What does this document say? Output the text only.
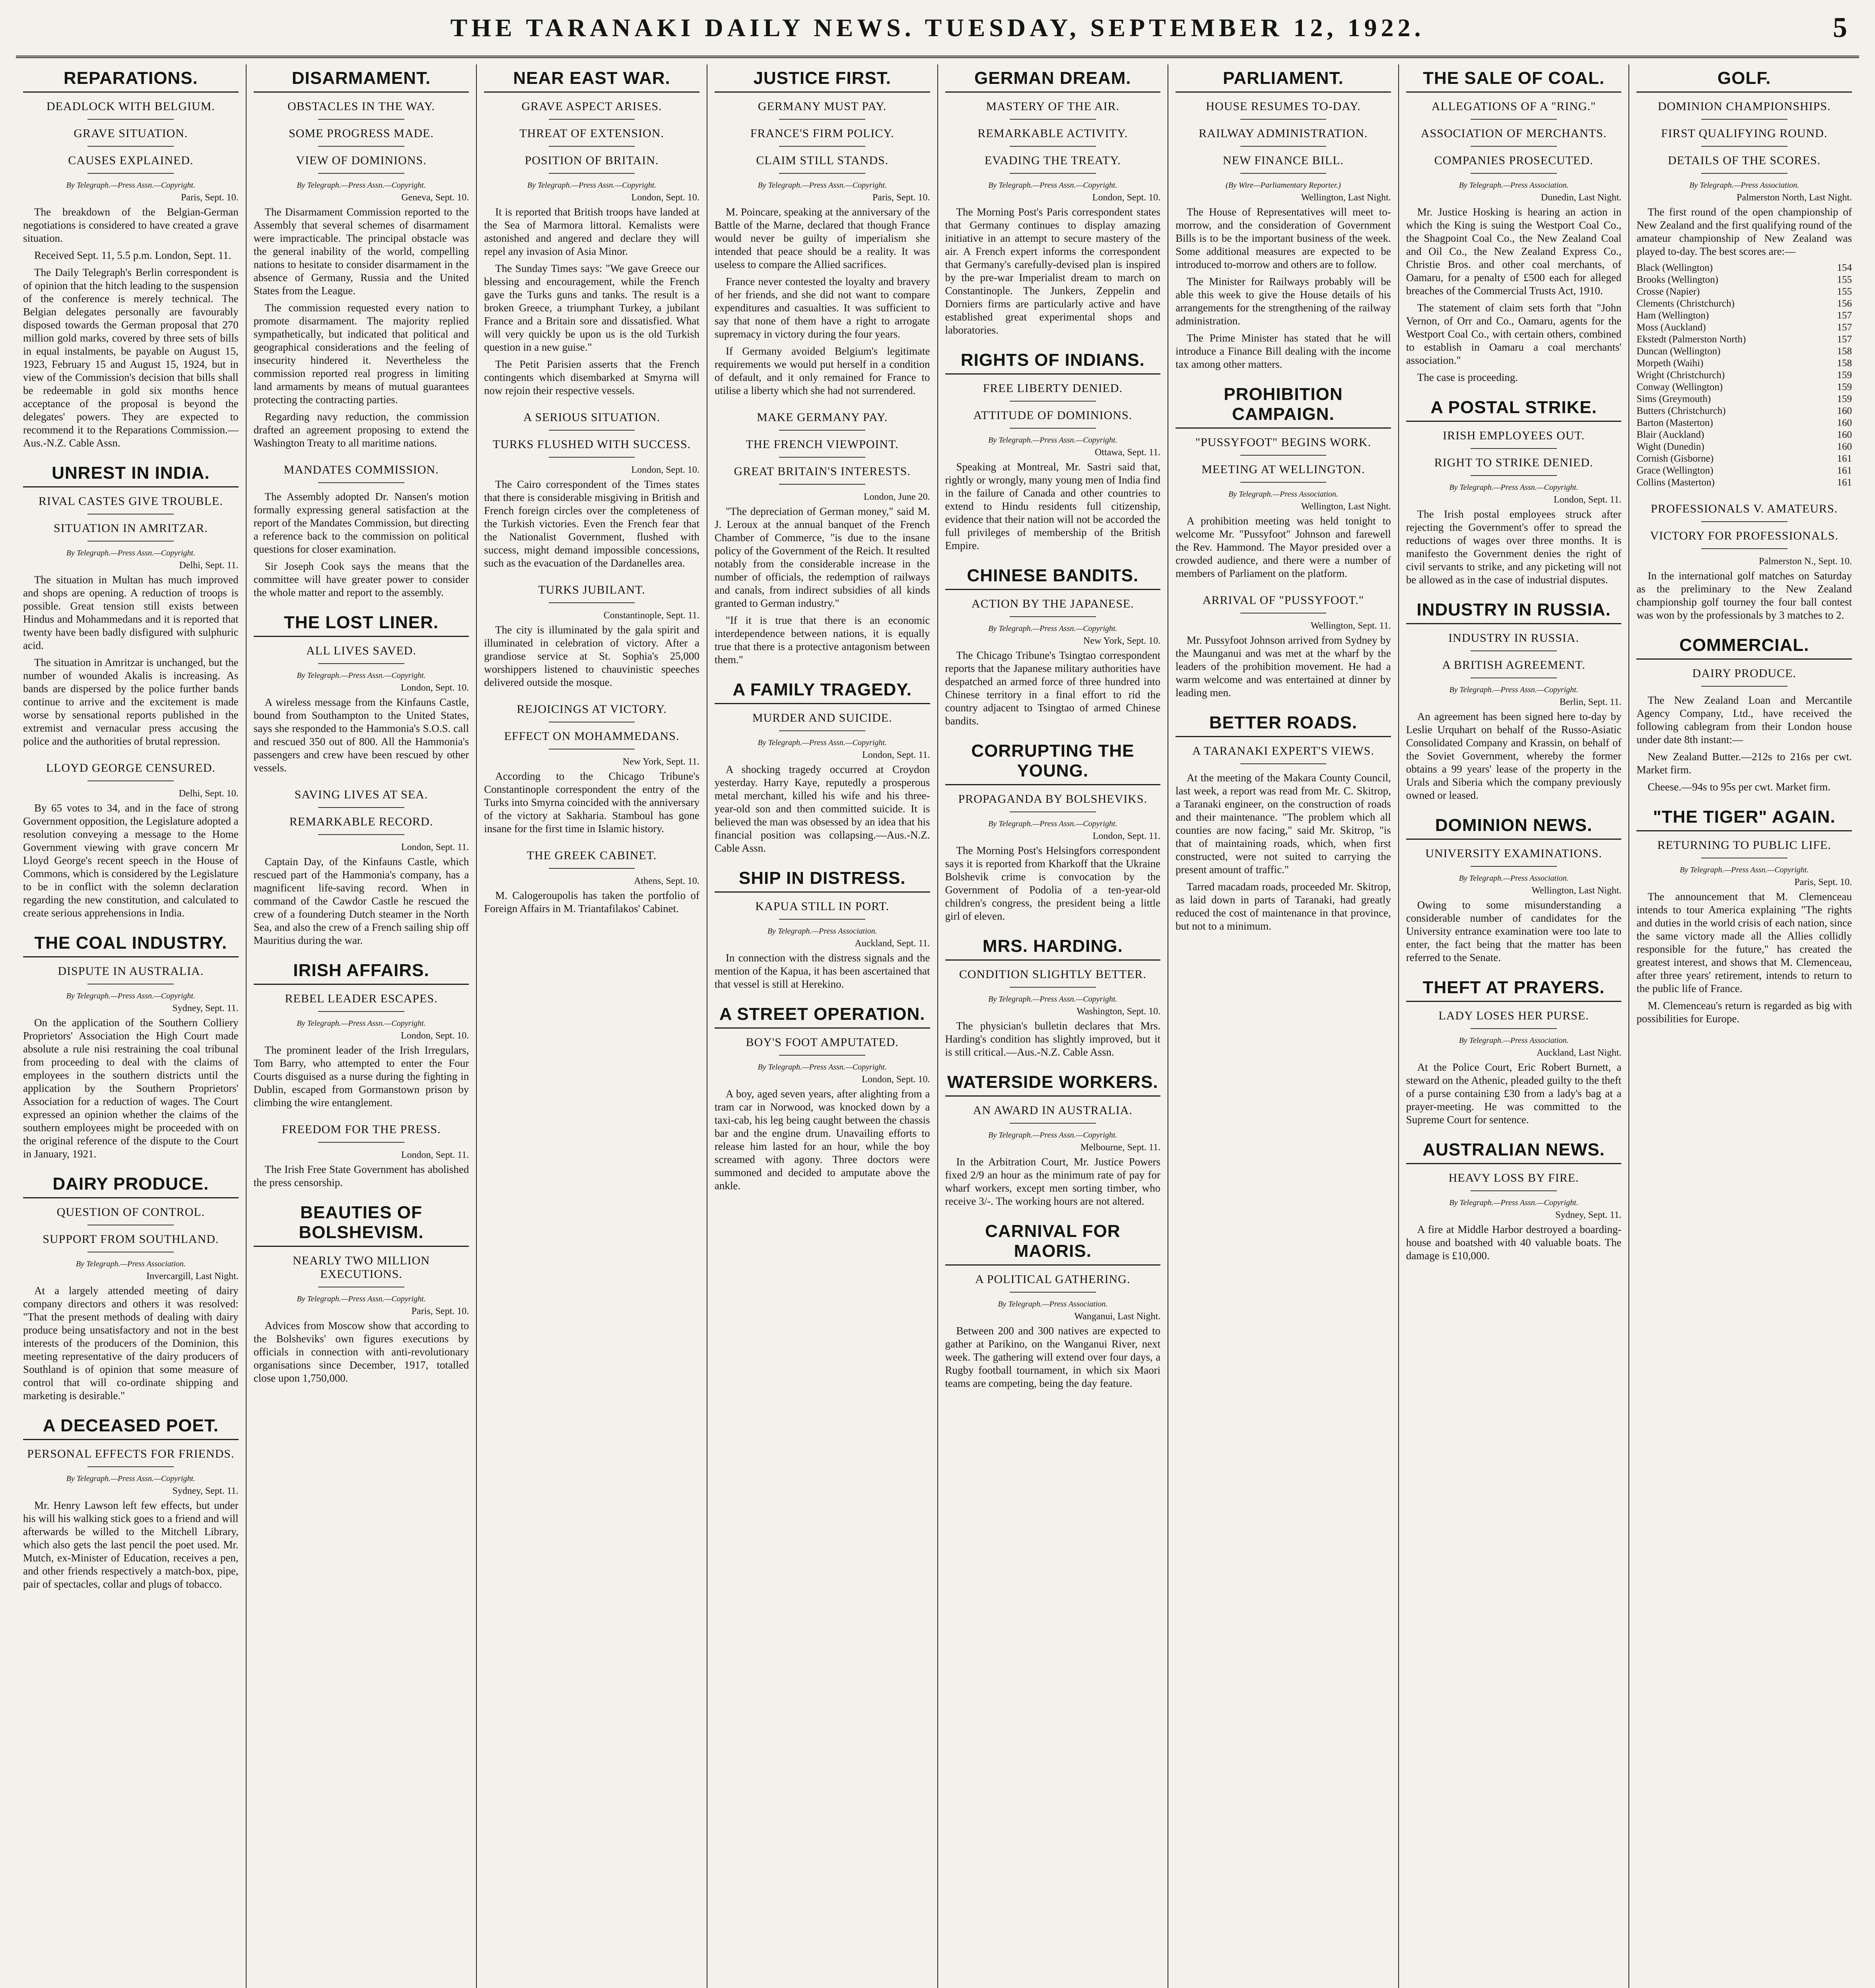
THE TARANAKI DAILY NEWS. TUESDAY, SEPTEMBER 12, 1922.	5
REPARATIONS.
DEADLOCK WITH BELGIUM.
GRAVE SITUATION.
CAUSES EXPLAINED.
By Telegraph.—Press Assn.—Copyright.
Paris, Sept. 10.

The breakdown of the Belgian-German negotiations is considered to have created a grave situation.

Received Sept. 11, 5.5 p.m. London, Sept. 11.

The Daily Telegraph's Berlin correspondent is of opinion that the hitch leading to the suspension of the conference is merely technical. The Belgian delegates personally are favourably disposed towards the German proposal that 270 million gold marks, covered by three sets of bills in equal instalments, be payable on August 15, 1923, February 15 and August 15, 1924, but in view of the Commission's decision that bills shall be redeemable in gold six months hence acceptance of the proposal is beyond the delegates' powers. They are expected to recommend it to the Reparations Commission.—Aus.-N.Z. Cable Assn.

UNREST IN INDIA.
RIVAL CASTES GIVE TROUBLE.
SITUATION IN AMRITZAR.
By Telegraph.—Press Assn.—Copyright.
Delhi, Sept. 11.

The situation in Multan has much improved and shops are opening. A reduction of troops is possible. Great tension still exists between Hindus and Mohammedans and it is reported that twenty have been badly disfigured with sulphuric acid.

The situation in Amritzar is unchanged, but the number of wounded Akalis is increasing. As bands are dispersed by the police further bands continue to arrive and the excitement is made worse by sensational reports published in the extremist and vernacular press accusing the police and the authorities of brutal repression.

LLOYD GEORGE CENSURED.
Delhi, Sept. 10.

By 65 votes to 34, and in the face of strong Government opposition, the Legislature adopted a resolution conveying a message to the Home Government viewing with grave concern Mr Lloyd George's recent speech in the House of Commons, which is considered by the Legislature to be in conflict with the solemn declaration regarding the new constitution, and calculated to create serious apprehensions in India.

THE COAL INDUSTRY.
DISPUTE IN AUSTRALIA.
By Telegraph.—Press Assn.—Copyright.
Sydney, Sept. 11.

On the application of the Southern Colliery Proprietors' Association the High Court made absolute a rule nisi restraining the coal tribunal from proceeding to deal with the claims of employees in the southern districts until the application by the Southern Proprietors' Association for a reduction of wages. The Court expressed an opinion whether the claims of the southern employees might be proceeded with on the original reference of the dispute to the Court in January, 1921.

DAIRY PRODUCE.
QUESTION OF CONTROL.
SUPPORT FROM SOUTHLAND.
By Telegraph.—Press Association.
Invercargill, Last Night.

At a largely attended meeting of dairy company directors and others it was resolved: "That the present methods of dealing with dairy produce being unsatisfactory and not in the best interests of the producers of the Dominion, this meeting representative of the dairy producers of Southland is of opinion that some measure of control that will co-ordinate shipping and marketing is desirable."

A DECEASED POET.
PERSONAL EFFECTS FOR FRIENDS.
By Telegraph.—Press Assn.—Copyright.
Sydney, Sept. 11.

Mr. Henry Lawson left few effects, but under his will his walking stick goes to a friend and will afterwards be willed to the Mitchell Library, which also gets the last pencil the poet used. Mr. Mutch, ex-Minister of Education, receives a pen, and other friends respectively a match-box, pipe, pair of spectacles, collar and plugs of tobacco.

DISARMAMENT.
OBSTACLES IN THE WAY.
SOME PROGRESS MADE.
VIEW OF DOMINIONS.
By Telegraph.—Press Assn.—Copyright.
Geneva, Sept. 10.

The Disarmament Commission reported to the Assembly that several schemes of disarmament were impracticable. The principal obstacle was the general inability of the world, compelling nations to hesitate to consider disarmament in the absence of Germany, Russia and the United States from the League.

The commission requested every nation to promote disarmament. The majority replied sympathetically, but indicated that political and geographical considerations and the feeling of insecurity hindered it. Nevertheless the commission reported real progress in limiting land armaments by means of mutual guarantees protecting the contracting parties.

Regarding navy reduction, the commission drafted an agreement proposing to extend the Washington Treaty to all maritime nations.

MANDATES COMMISSION.

The Assembly adopted Dr. Nansen's motion formally expressing general satisfaction at the report of the Mandates Commission, but directing a reference back to the commission on political questions for closer examination.

Sir Joseph Cook says the means that the committee will have greater power to consider the whole matter and report to the assembly.

THE LOST LINER.
ALL LIVES SAVED.
By Telegraph.—Press Assn.—Copyright.
London, Sept. 10.

A wireless message from the Kinfauns Castle, bound from Southampton to the United States, says she responded to the Hammonia's S.O.S. call and rescued 350 out of 800. All the Hammonia's passengers and crew have been rescued by other vessels.

SAVING LIVES AT SEA.
REMARKABLE RECORD.
London, Sept. 11.

Captain Day, of the Kinfauns Castle, which rescued part of the Hammonia's company, has a magnificent life-saving record. When in command of the Cawdor Castle he rescued the crew of a foundering Dutch steamer in the North Sea, and also the crew of a French sailing ship off Mauritius during the war.

IRISH AFFAIRS.
REBEL LEADER ESCAPES.
By Telegraph.—Press Assn.—Copyright.
London, Sept. 10.

The prominent leader of the Irish Irregulars, Tom Barry, who attempted to enter the Four Courts disguised as a nurse during the fighting in Dublin, escaped from Gormanstown prison by climbing the wire entanglement.

FREEDOM FOR THE PRESS.
London, Sept. 11.

The Irish Free State Government has abolished the press censorship.

BEAUTIES OF BOLSHEVISM.
NEARLY TWO MILLION EXECUTIONS.
By Telegraph.—Press Assn.—Copyright.
Paris, Sept. 10.

Advices from Moscow show that according to the Bolsheviks' own figures executions by officials in connection with anti-revolutionary organisations since December, 1917, totalled close upon 1,750,000.

NEAR EAST WAR.
GRAVE ASPECT ARISES.
THREAT OF EXTENSION.
POSITION OF BRITAIN.
By Telegraph.—Press Assn.—Copyright.
London, Sept. 10.

It is reported that British troops have landed at the Sea of Marmora littoral. Kemalists were astonished and angered and declare they will repel any invasion of Asia Minor.

The Sunday Times says: "We gave Greece our blessing and encouragement, while the French gave the Turks guns and tanks. The result is a broken Greece, a triumphant Turkey, a jubilant France and a Britain sore and dissatisfied. What will very quickly be upon us is the old Turkish question in a new guise."

The Petit Parisien asserts that the French contingents which disembarked at Smyrna will now rejoin their respective vessels.

A SERIOUS SITUATION.
TURKS FLUSHED WITH SUCCESS.
London, Sept. 10.

The Cairo correspondent of the Times states that there is considerable misgiving in British and French foreign circles over the completeness of the Turkish victories. Even the French fear that the Nationalist Government, flushed with success, might demand impossible concessions, such as the evacuation of the Dardanelles area.

TURKS JUBILANT.
Constantinople, Sept. 11.

The city is illuminated by the gala spirit and illuminated in celebration of victory. After a grandiose service at St. Sophia's 25,000 worshippers listened to chauvinistic speeches delivered outside the mosque.

REJOICINGS AT VICTORY.
EFFECT ON MOHAMMEDANS.
New York, Sept. 11.

According to the Chicago Tribune's Constantinople correspondent the entry of the Turks into Smyrna coincided with the anniversary of the victory at Sakharia. Stamboul has gone insane for the first time in Islamic history.

THE GREEK CABINET.
Athens, Sept. 10.

M. Calogeroupolis has taken the portfolio of Foreign Affairs in M. Triantafilakos' Cabinet.

JUSTICE FIRST.
GERMANY MUST PAY.
FRANCE'S FIRM POLICY.
CLAIM STILL STANDS.
By Telegraph.—Press Assn.—Copyright.
Paris, Sept. 10.

M. Poincare, speaking at the anniversary of the Battle of the Marne, declared that though France would never be guilty of imperialism she intended that peace should be a reality. It was useless to compare the Allied sacrifices.

France never contested the loyalty and bravery of her friends, and she did not want to compare expenditures and casualties. It was sufficient to say that none of them have a right to arrogate supremacy in victory during the four years.

If Germany avoided Belgium's legitimate requirements we would put herself in a condition of default, and it only remained for France to utilise a liberty which she had not surrendered.

MAKE GERMANY PAY.
THE FRENCH VIEWPOINT.
GREAT BRITAIN'S INTERESTS.
London, June 20.

"The depreciation of German money," said M. J. Leroux at the annual banquet of the French Chamber of Commerce, "is due to the insane policy of the Government of the Reich. It resulted notably from the considerable increase in the number of officials, the redemption of railways and canals, from indirect subsidies of all kinds granted to German industry."

"If it is true that there is an economic interdependence between nations, it is equally true that there is a protective antagonism between them."

A FAMILY TRAGEDY.
MURDER AND SUICIDE.
By Telegraph.—Press Assn.—Copyright.
London, Sept. 11.

A shocking tragedy occurred at Croydon yesterday. Harry Kaye, reputedly a prosperous metal merchant, killed his wife and his three-year-old son and then committed suicide. It is believed the man was obsessed by an idea that his financial position was collapsing.—Aus.-N.Z. Cable Assn.

SHIP IN DISTRESS.
KAPUA STILL IN PORT.
By Telegraph.—Press Association.
Auckland, Sept. 11.

In connection with the distress signals and the mention of the Kapua, it has been ascertained that that vessel is still at Herekino.

A STREET OPERATION.
BOY'S FOOT AMPUTATED.
By Telegraph.—Press Assn.—Copyright.
London, Sept. 10.

A boy, aged seven years, after alighting from a tram car in Norwood, was knocked down by a taxi-cab, his leg being caught between the chassis bar and the engine drum. Unavailing efforts to release him lasted for an hour, while the boy screamed with agony. Three doctors were summoned and decided to amputate above the ankle.

GERMAN DREAM.
MASTERY OF THE AIR.
REMARKABLE ACTIVITY.
EVADING THE TREATY.
By Telegraph.—Press Assn.—Copyright.
London, Sept. 10.

The Morning Post's Paris correspondent states that Germany continues to display amazing initiative in an attempt to secure mastery of the air. A French expert informs the correspondent that Germany's carefully-devised plan is inspired by the pre-war Imperialist dream to march on Constantinople. The Junkers, Zeppelin and Dorniers firms are particularly active and have established great experimental shops and laboratories.

RIGHTS OF INDIANS.
FREE LIBERTY DENIED.
ATTITUDE OF DOMINIONS.
By Telegraph.—Press Assn.—Copyright.
Ottawa, Sept. 11.

Speaking at Montreal, Mr. Sastri said that, rightly or wrongly, many young men of India find in the failure of Canada and other countries to extend to Hindu residents full citizenship, evidence that their nation will not be accorded the full privileges of membership of the British Empire.

CHINESE BANDITS.
ACTION BY THE JAPANESE.
By Telegraph.—Press Assn.—Copyright.
New York, Sept. 10.

The Chicago Tribune's Tsingtao correspondent reports that the Japanese military authorities have despatched an armed force of three hundred into Chinese territory in a final effort to rid the country adjacent to Tsingtao of armed Chinese bandits.

CORRUPTING THE YOUNG.
PROPAGANDA BY BOLSHEVIKS.
By Telegraph.—Press Assn.—Copyright.
London, Sept. 11.

The Morning Post's Helsingfors correspondent says it is reported from Kharkoff that the Ukraine Bolshevik crime is convocation by the Government of Podolia of a ten-year-old children's congress, the president being a little girl of eleven.

MRS. HARDING.
CONDITION SLIGHTLY BETTER.
By Telegraph.—Press Assn.—Copyright.
Washington, Sept. 10.

The physician's bulletin declares that Mrs. Harding's condition has slightly improved, but it is still critical.—Aus.-N.Z. Cable Assn.

WATERSIDE WORKERS.
AN AWARD IN AUSTRALIA.
By Telegraph.—Press Assn.—Copyright.
Melbourne, Sept. 11.

In the Arbitration Court, Mr. Justice Powers fixed 2/9 an hour as the minimum rate of pay for wharf workers, except men sorting timber, who receive 3/-. The working hours are not altered.

CARNIVAL FOR MAORIS.
A POLITICAL GATHERING.
By Telegraph.—Press Association.
Wanganui, Last Night.

Between 200 and 300 natives are expected to gather at Parikino, on the Wanganui River, next week. The gathering will extend over four days, a Rugby football tournament, in which six Maori teams are competing, being the day feature.

PARLIAMENT.
HOUSE RESUMES TO-DAY.
RAILWAY ADMINISTRATION.
NEW FINANCE BILL.
(By Wire—Parliamentary Reporter.)
Wellington, Last Night.

The House of Representatives will meet to-morrow, and the consideration of Government Bills is to be the important business of the week. Some additional measures are expected to be introduced to-morrow and others are to follow.

The Minister for Railways probably will be able this week to give the House details of his arrangements for the strengthening of the railway administration.

The Prime Minister has stated that he will introduce a Finance Bill dealing with the income tax among other matters.

PROHIBITION CAMPAIGN.
"PUSSYFOOT" BEGINS WORK.
MEETING AT WELLINGTON.
By Telegraph.—Press Association.
Wellington, Last Night.

A prohibition meeting was held tonight to welcome Mr. "Pussyfoot" Johnson and farewell the Rev. Hammond. The Mayor presided over a crowded audience, and there were a number of members of Parliament on the platform.

ARRIVAL OF "PUSSYFOOT."
Wellington, Sept. 11.

Mr. Pussyfoot Johnson arrived from Sydney by the Maunganui and was met at the wharf by the leaders of the prohibition movement. He had a warm welcome and was entertained at dinner by leading men.

BETTER ROADS.
A TARANAKI EXPERT'S VIEWS.

At the meeting of the Makara County Council, last week, a report was read from Mr. C. Skitrop, a Taranaki engineer, on the construction of roads and their maintenance. "The problem which all counties are now facing," said Mr. Skitrop, "is that of maintaining roads, which, when first constructed, were not suited to carrying the present amount of traffic."

Tarred macadam roads, proceeded Mr. Skitrop, as laid down in parts of Taranaki, had greatly reduced the cost of maintenance in that province, but not to a minimum.

THE SALE OF COAL.
ALLEGATIONS OF A "RING."
ASSOCIATION OF MERCHANTS.
COMPANIES PROSECUTED.
By Telegraph.—Press Association.
Dunedin, Last Night.

Mr. Justice Hosking is hearing an action in which the King is suing the Westport Coal Co., the Shagpoint Coal Co., the New Zealand Coal and Oil Co., the New Zealand Express Co., Christie Bros. and other coal merchants, of Oamaru, for a penalty of £500 each for alleged breaches of the Commercial Trusts Act, 1910.

The statement of claim sets forth that "John Vernon, of Orr and Co., Oamaru, agents for the Westport Coal Co., with certain others, combined to establish in Oamaru a coal merchants' association."

The case is proceeding.

A POSTAL STRIKE.
IRISH EMPLOYEES OUT.
RIGHT TO STRIKE DENIED.
By Telegraph.—Press Assn.—Copyright.
London, Sept. 11.

The Irish postal employees struck after rejecting the Government's offer to spread the reductions of wages over three months. It is manifesto the Government denies the right of civil servants to strike, and any picketing will not be allowed as in the case of industrial disputes.

INDUSTRY IN RUSSIA.
INDUSTRY IN RUSSIA.
A BRITISH AGREEMENT.
By Telegraph.—Press Assn.—Copyright.
Berlin, Sept. 11.

An agreement has been signed here to-day by Leslie Urquhart on behalf of the Russo-Asiatic Consolidated Company and Krassin, on behalf of the Soviet Government, whereby the former obtains a 99 years' lease of the property in the Urals and Siberia which the company previously owned or leased.

DOMINION NEWS.
UNIVERSITY EXAMINATIONS.
By Telegraph.—Press Association.
Wellington, Last Night.

Owing to some misunderstanding a considerable number of candidates for the University entrance examination were too late to enter, the fact being that the matter has been referred to the Senate.

THEFT AT PRAYERS.
LADY LOSES HER PURSE.
By Telegraph.—Press Association.
Auckland, Last Night.

At the Police Court, Eric Robert Burnett, a steward on the Athenic, pleaded guilty to the theft of a purse containing £30 from a lady's bag at a prayer-meeting. He was committed to the Supreme Court for sentence.

AUSTRALIAN NEWS.
HEAVY LOSS BY FIRE.
By Telegraph.—Press Assn.—Copyright.
Sydney, Sept. 11.

A fire at Middle Harbor destroyed a boarding-house and boatshed with 40 valuable boats. The damage is £10,000.

GOLF.
DOMINION CHAMPIONSHIPS.
FIRST QUALIFYING ROUND.
DETAILS OF THE SCORES.
By Telegraph.—Press Association.
Palmerston North, Last Night.

The first round of the open championship of New Zealand and the first qualifying round of the amateur championship of New Zealand was played to-day. The best scores are:—

Black (Wellington)	154
Brooks (Wellington)	155
Crosse (Napier)	155
Clements (Christchurch)	156
Ham (Wellington)	157
Moss (Auckland)	157
Ekstedt (Palmerston North)	157
Duncan (Wellington)	158
Morpeth (Waihi)	158
Wright (Christchurch)	159
Conway (Wellington)	159
Sims (Greymouth)	159
Butters (Christchurch)	160
Barton (Masterton)	160
Blair (Auckland)	160
Wight (Dunedin)	160
Cornish (Gisborne)	161
Grace (Wellington)	161
Collins (Masterton)	161
PROFESSIONALS V. AMATEURS.
VICTORY FOR PROFESSIONALS.
Palmerston N., Sept. 10.

In the international golf matches on Saturday as the preliminary to the New Zealand championship golf tourney the four ball contest was won by the professionals by 3 matches to 2.

COMMERCIAL.
DAIRY PRODUCE.

The New Zealand Loan and Mercantile Agency Company, Ltd., have received the following cablegram from their London house under date 8th instant:—

New Zealand Butter.—212s to 216s per cwt. Market firm.

Cheese.—94s to 95s per cwt. Market firm.

"THE TIGER" AGAIN.
RETURNING TO PUBLIC LIFE.
By Telegraph.—Press Assn.—Copyright.
Paris, Sept. 10.

The announcement that M. Clemenceau intends to tour America explaining "The rights and duties in the world crisis of each nation, since the same victory made all the Allies collidly responsible for the future," has created the greatest interest, and shows that M. Clemenceau, after three years' retirement, intends to return to the public life of France.

M. Clemenceau's return is regarded as big with possibilities for Europe.
